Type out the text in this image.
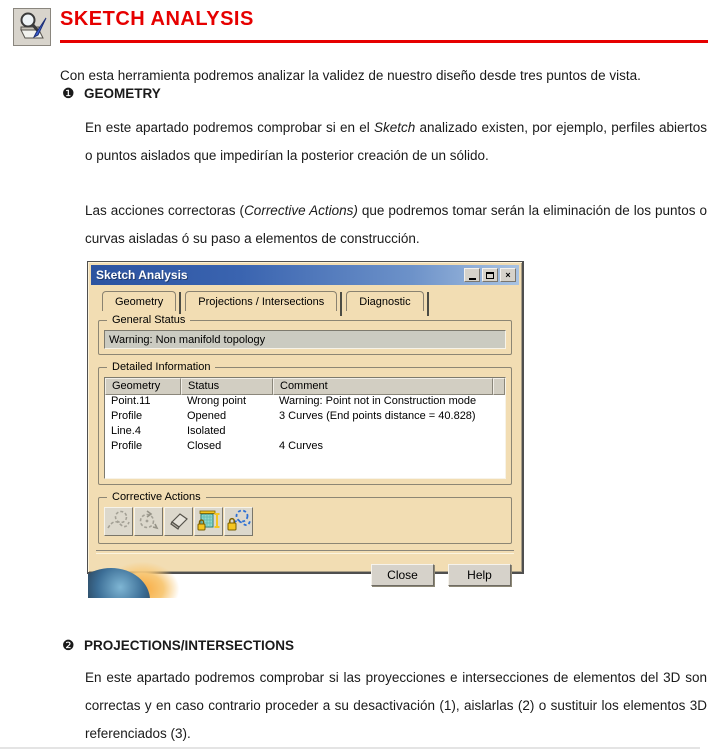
SKETCH ANALYSIS

Con esta herramienta podremos analizar la validez de nuestro diseño desde tres puntos de vista.

❶ GEOMETRY

En este apartado podremos comprobar si en el Sketch analizado existen, por ejemplo, perfiles abiertos o puntos aislados que impedirían la posterior creación de un sólido.

Las acciones correctoras (Corrective Actions) que podremos tomar serán la eliminación de los puntos o curvas aisladas ó su paso a elementos de construcción.

Sketch Analysis	×
Geometry	Projections / Intersections	Diagnostic
General Status
Warning: Non manifold topology
Detailed Information
Geometry	Status	Comment
Point.11	Wrong point	Warning: Point not in Construction mode
Profile	Opened	3 Curves (End points distance = 40.828)
Line.4	Isolated
Profile	Closed	4 Curves
Corrective Actions
Close	Help
❷ PROJECTIONS/INTERSECTIONS

En este apartado podremos comprobar si las proyecciones e intersecciones de elementos del 3D son correctas y en caso contrario proceder a su desactivación (1), aislarlas (2) o sustituir los elementos 3D referenciados (3).
